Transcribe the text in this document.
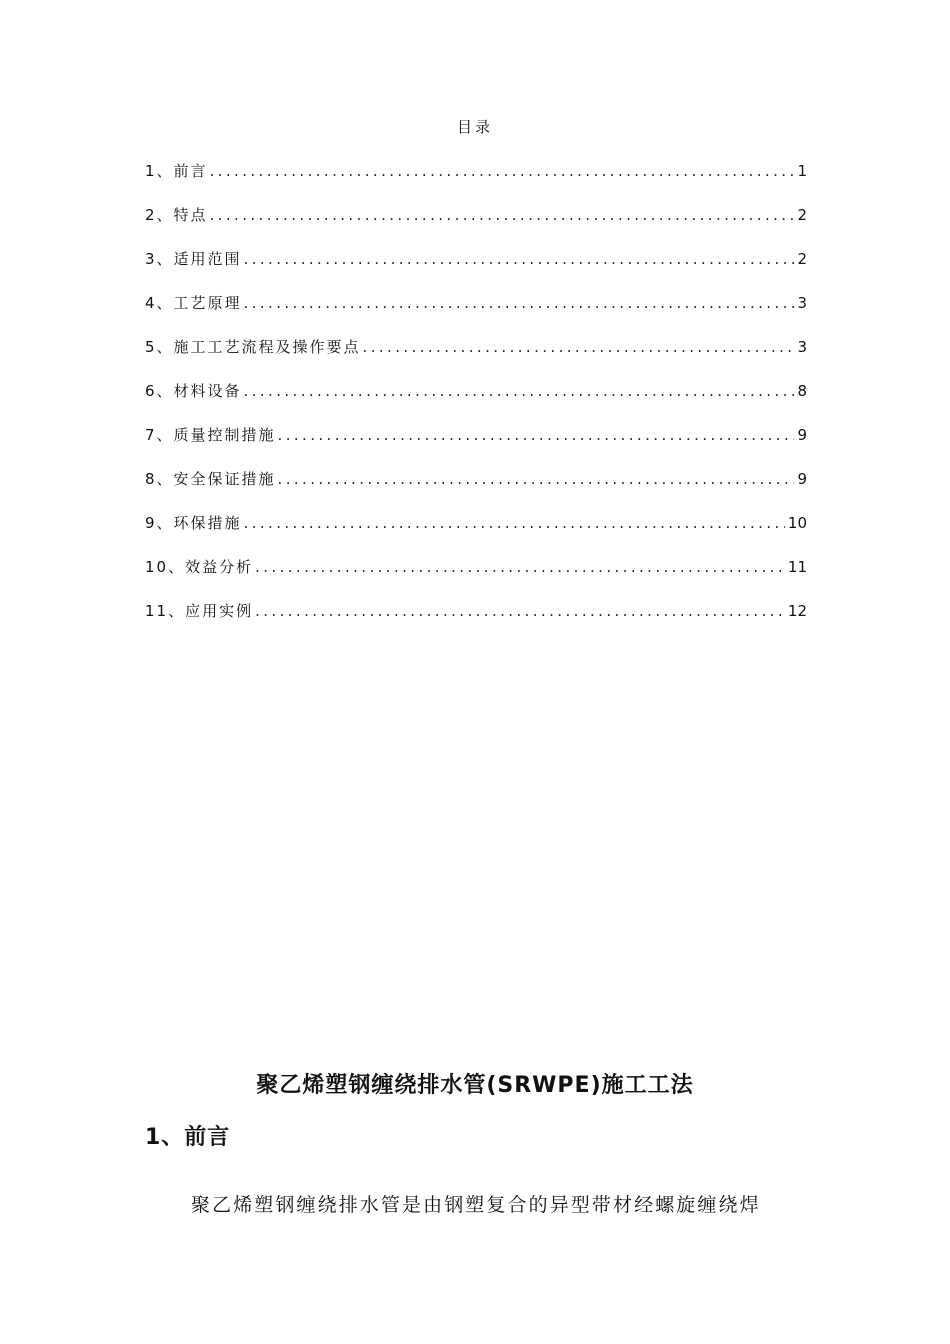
目录
1、前言 .....	1
2、特点 .....	2
3、适用范围 .....	2
4、工艺原理 .....	3
5、施工工艺流程及操作要点 .....	3
6、材料设备 .....	8
7、质量控制措施 .....	9
8、安全保证措施 .....	9
9、环保措施 .....	10
10、效益分析 .....	11
11、应用实例 .....	12
聚乙烯塑钢缠绕排水管(SRWPE)施工工法
1、前言
聚乙烯塑钢缠绕排水管是由钢塑复合的异型带材经螺旋缠绕焊
